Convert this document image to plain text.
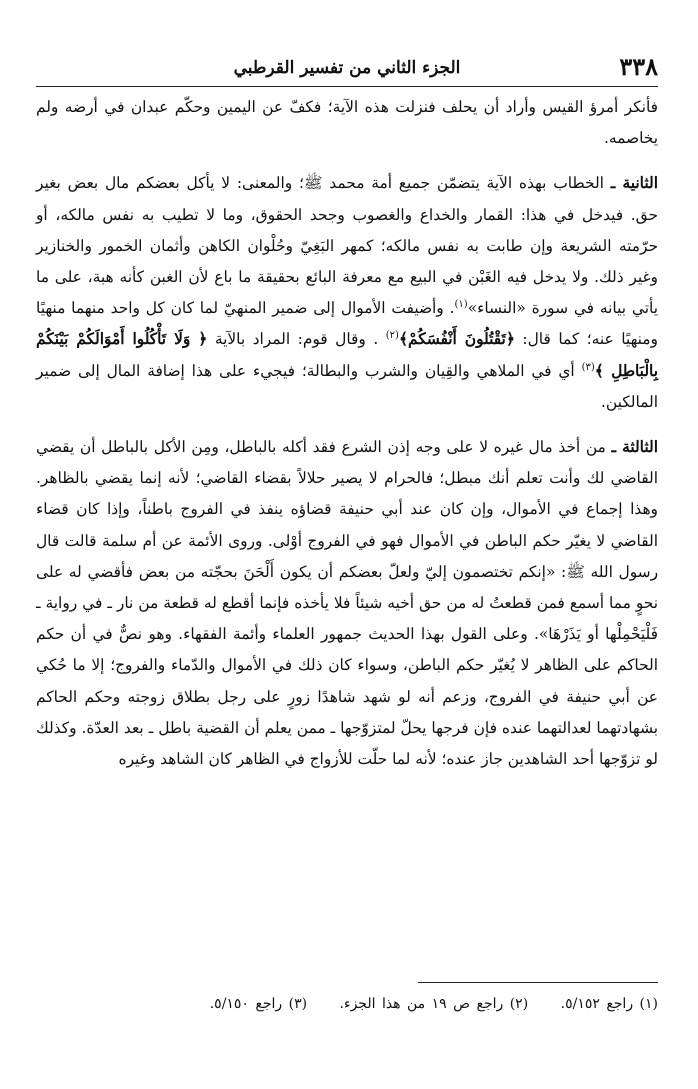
٣٣٨
الجزء الثاني من تفسير القرطبي

فأنكر أمرؤ القيس وأراد أن يحلف فنزلت هذه الآية؛ فكفّ عن اليمين وحكّم عبدان في أرضه ولم يخاصمه.

الثانية ـ الخطاب بهذه الآية يتضمّن جميع أمة محمد ﷺ؛ والمعنى: لا يأكل بعضكم مال بعض بغير حق. فيدخل في هذا: القمار والخداع والغصوب وجحد الحقوق، وما لا تطيب به نفس مالكه، أو حرّمته الشريعة وإن طابت به نفس مالكه؛ كمهر البَغِيّ وحُلْوان الكاهن وأثمان الخمور والخنازير وغير ذلك. ولا يدخل فيه الغَبْن في البيع مع معرفة البائع بحقيقة ما باع لأن الغبن كأنه هبة، على ما يأتي بيانه في سورة «النساء»$^{(١)}$. وأضيفت الأموال إلى ضمير المنهيّ لما كان كل واحد منهما منهيًا ومنهيًا عنه؛ كما قال: ﴿تَقْتُلُونَ أَنْفُسَكُمْ﴾$^{(٢)}$ . وقال قوم: المراد بالآية ﴿ وَلَا تَأْكُلُوا أَمْوَالَكُمْ بَيْنَكُمْ بِالْبَاطِلِ ﴾$^{(٣)}$ أي في الملاهي والقِيان والشرب والبطالة؛ فيجيء على هذا إضافة المال إلى ضمير المالكين.

الثالثة ـ من أخذ مال غيره لا على وجه إذن الشرع فقد أكله بالباطل، ومِن الأكل بالباطل أن يقضي القاضي لك وأنت تعلم أنك مبطل؛ فالحرام لا يصير حلالاً بقضاء القاضي؛ لأنه إنما يقضي بالظاهر. وهذا إجماع في الأموال، وإن كان عند أبي حنيفة قضاؤه ينفذ في الفروج باطناً، وإذا كان قضاء القاضي لا يغيّر حكم الباطن في الأموال فهو في الفروج أوْلى. وروى الأئمة عن أم سلمة قالت قال رسول الله ﷺ: «إنكم تختصمون إليّ ولعلّ بعضكم أن يكون أَلْحَنَ بحجّته من بعض فأقضي له على نحوٍ مما أسمع فمن قطعتُ له من حق أخيه شيئاً فلا يأخذه فإنما أقطع له قطعة من نار ـ في رواية ـ فَلْيَحْمِلْها أو يَذَرْهَا». وعلى القول بهذا الحديث جمهور العلماء وأئمة الفقهاء. وهو نصٌّ في أن حكم الحاكم على الظاهر لا يُغيّر حكم الباطن، وسواء كان ذلك في الأموال والدّماء والفروج؛ إلا ما حُكي عن أبي حنيفة في الفروج، وزعم أنه لو شهد شاهدًا زورٍ على رجل بطلاق زوجته وحكم الحاكم بشهادتهما لعدالتهما عنده فإن فرجها يحلّ لمتزوّجها ـ ممن يعلم أن القضية باطل ـ بعد العدّة. وكذلك لو تزوّجها أحد الشاهدين جاز عنده؛ لأنه لما حلّت للأزواج في الظاهر كان الشاهد وغيره

(١) راجع ٥/١٥٢. (٢) راجع ص ١٩ من هذا الجزء. (٣) راجع ٥/١٥٠.
